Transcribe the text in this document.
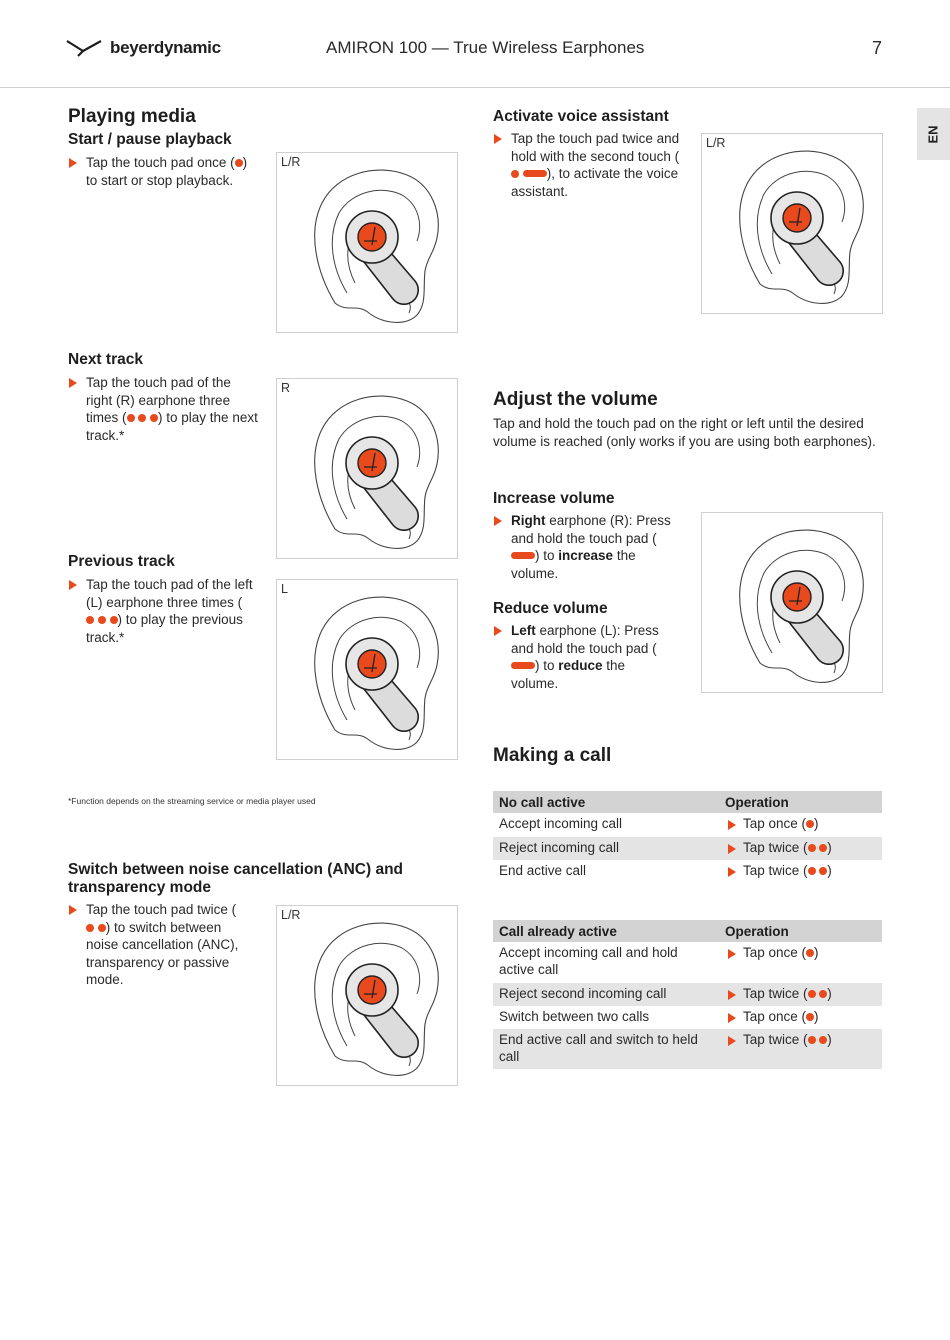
beyerdynamic	AMIRON 100 — True Wireless Earphones	7
EN
Playing media
Start / pause playback
Tap the touch pad once ( ) to start or stop playback.
L/R
Next track
Tap the touch pad of the right (R) earphone three times ( ) to play the next track.*
R
Previous track
Tap the touch pad of the left (L) earphone three times (  ) to play the previous track.*
L
*Function depends on the streaming service or media player used
Switch between noise cancellation (ANC) and transparency mode
Tap the touch pad twice ( ) to switch between noise cancellation (ANC), transparency or passive mode.
L/R
Activate voice assistant
Tap the touch pad twice and hold with the second touch ( ), to activate the voice assistant.
L/R
Adjust the volume
Tap and hold the touch pad on the right or left until the desired volume is reached (only works if you are using both earphones).
Increase volume
Right earphone (R): Press and hold the touch pad () to increase the volume.
Reduce volume
Left earphone (L): Press and hold the touch pad () to reduce the volume.
Making a call
No call active	Operation
Accept incoming call	Tap once ( )
Reject incoming call	Tap twice ( )
End active call	Tap twice ( )
Call already active	Operation
Accept incoming call and hold active call	Tap once ( )
Reject second incoming call	Tap twice ( )
Switch between two calls	Tap once ( )
End active call and switch to held call	Tap twice ( )
